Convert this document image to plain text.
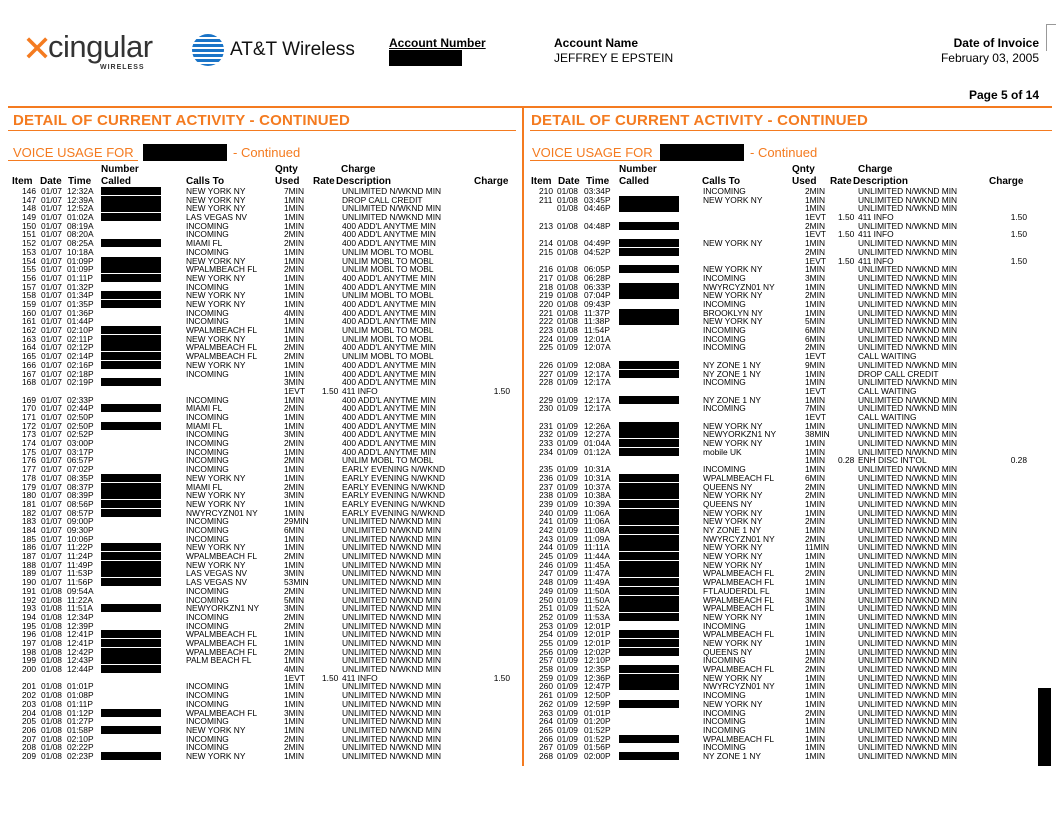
✕
cingular
WIRELESS
AT&T Wireless	Account Number	Account Name
JEFFREY E EPSTEIN
Date of Invoice
February 03, 2005
Page 5 of 14
DETAIL OF CURRENT ACTIVITY - CONTINUED
VOICE USAGE FOR	- Continued
Number	Qnty	Charge
Item Date Time Called	Calls To	Used Rate Description	Charge
146 01/07 12:32A	NEW YORK NY	7MIN	UNLIMITED N/WKND MIN
147 01/07 12:39A	NEW YORK NY	1MIN	DROP CALL CREDIT
148 01/07 12:52A	NEW YORK NY	1MIN	UNLIMITED N/WKND MIN
149 01/07 01:02A	LAS VEGAS NV	1MIN	UNLIMITED N/WKND MIN
150 01/07 08:19A	INCOMING	1MIN	400 ADD'L ANYTME MIN
151 01/07 08:20A	INCOMING	2MIN	400 ADD'L ANYTME MIN
152 01/07 08:25A	MIAMI FL	2MIN	400 ADD'L ANYTME MIN
153 01/07 10:18A	INCOMING	1MIN	UNLIM MOBL TO MOBL
154 01/07 01:09P	NEW YORK NY	1MIN	UNLIM MOBL TO MOBL
155 01/07 01:09P	WPALMBEACH FL	2MIN	UNLIM MOBL TO MOBL
156 01/07 01:11P	NEW YORK NY	1MIN	400 ADD'L ANYTME MIN
157 01/07 01:32P	INCOMING	1MIN	400 ADD'L ANYTME MIN
158 01/07 01:34P	NEW YORK NY	1MIN	UNLIM MOBL TO MOBL
159 01/07 01:35P	NEW YORK NY	1MIN	400 ADD'L ANYTME MIN
160 01/07 01:36P	INCOMING	4MIN	400 ADD'L ANYTME MIN
161 01/07 01:44P	INCOMING	1MIN	400 ADD'L ANYTME MIN
162 01/07 02:10P	WPALMBEACH FL	1MIN	UNLIM MOBL TO MOBL
163 01/07 02:11P	NEW YORK NY	1MIN	UNLIM MOBL TO MOBL
164 01/07 02:12P	WPALMBEACH FL	2MIN	400 ADD'L ANYTME MIN
165 01/07 02:14P	WPALMBEACH FL	2MIN	UNLIM MOBL TO MOBL
166 01/07 02:16P	NEW YORK NY	1MIN	400 ADD'L ANYTME MIN
167 01/07 02:18P	INCOMING	1MIN	400 ADD'L ANYTME MIN
168 01/07 02:19P	3MIN	400 ADD'L ANYTME MIN
1EVT 1.50 411 INFO	1.50
169 01/07 02:33P	INCOMING	1MIN	400 ADD'L ANYTME MIN
170 01/07 02:44P	MIAMI FL	2MIN	400 ADD'L ANYTME MIN
171 01/07 02:50P	INCOMING	1MIN	400 ADD'L ANYTME MIN
172 01/07 02:50P	MIAMI FL	1MIN	400 ADD'L ANYTME MIN
173 01/07 02:52P	INCOMING	3MIN	400 ADD'L ANYTME MIN
174 01/07 03:00P	INCOMING	2MIN	400 ADD'L ANYTME MIN
175 01/07 03:17P	INCOMING	1MIN	400 ADD'L ANYTME MIN
176 01/07 06:57P	INCOMING	2MIN	UNLIM MOBL TO MOBL
177 01/07 07:02P	INCOMING	1MIN	EARLY EVENING N/WKND
178 01/07 08:35P	NEW YORK NY	1MIN	EARLY EVENING N/WKND
179 01/07 08:37P	MIAMI FL	2MIN	EARLY EVENING N/WKND
180 01/07 08:39P	NEW YORK NY	3MIN	EARLY EVENING N/WKND
181 01/07 08:56P	NEW YORK NY	1MIN	EARLY EVENING N/WKND
182 01/07 08:57P	NWYRCYZN01 NY	1MIN	EARLY EVENING N/WKND
183 01/07 09:00P	INCOMING	29MIN	UNLIMITED N/WKND MIN
184 01/07 09:30P	INCOMING	6MIN	UNLIMITED N/WKND MIN
185 01/07 10:06P	INCOMING	1MIN	UNLIMITED N/WKND MIN
186 01/07 11:22P	NEW YORK NY	1MIN	UNLIMITED N/WKND MIN
187 01/07 11:24P	WPALMBEACH FL	2MIN	UNLIMITED N/WKND MIN
188 01/07 11:49P	NEW YORK NY	1MIN	UNLIMITED N/WKND MIN
189 01/07 11:53P	LAS VEGAS NV	3MIN	UNLIMITED N/WKND MIN
190 01/07 11:56P	LAS VEGAS NV	53MIN	UNLIMITED N/WKND MIN
191 01/08 09:54A	INCOMING	2MIN	UNLIMITED N/WKND MIN
192 01/08 11:22A	INCOMING	5MIN	UNLIMITED N/WKND MIN
193 01/08 11:51A	NEWYORKZN1 NY	3MIN	UNLIMITED N/WKND MIN
194 01/08 12:34P	INCOMING	2MIN	UNLIMITED N/WKND MIN
195 01/08 12:39P	INCOMING	2MIN	UNLIMITED N/WKND MIN
196 01/08 12:41P	WPALMBEACH FL	1MIN	UNLIMITED N/WKND MIN
197 01/08 12:41P	WPALMBEACH FL	1MIN	UNLIMITED N/WKND MIN
198 01/08 12:42P	WPALMBEACH FL	2MIN	UNLIMITED N/WKND MIN
199 01/08 12:43P	PALM BEACH FL	1MIN	UNLIMITED N/WKND MIN
200 01/08 12:44P	4MIN	UNLIMITED N/WKND MIN
1EVT 1.50 411 INFO	1.50
201 01/08 01:01P	INCOMING	1MIN	UNLIMITED N/WKND MIN
202 01/08 01:08P	INCOMING	1MIN	UNLIMITED N/WKND MIN
203 01/08 01:11P	INCOMING	1MIN	UNLIMITED N/WKND MIN
204 01/08 01:12P	WPALMBEACH FL	3MIN	UNLIMITED N/WKND MIN
205 01/08 01:27P	INCOMING	1MIN	UNLIMITED N/WKND MIN
206 01/08 01:58P	NEW YORK NY	1MIN	UNLIMITED N/WKND MIN
207 01/08 02:10P	INCOMING	2MIN	UNLIMITED N/WKND MIN
208 01/08 02:22P	INCOMING	2MIN	UNLIMITED N/WKND MIN
209 01/08 02:23P	NEW YORK NY	1MIN	UNLIMITED N/WKND MIN
DETAIL OF CURRENT ACTIVITY - CONTINUED
VOICE USAGE FOR	- Continued
Number	Qnty	Charge
Item Date Time Called	Calls To	Used Rate Description	Charge
210 01/08 03:34P	INCOMING	2MIN	UNLIMITED N/WKND MIN
211 01/08 03:45P	NEW YORK NY	1MIN	UNLIMITED N/WKND MIN
01/08 04:46P	1MIN	UNLIMITED N/WKND MIN
1EVT 1.50 411 INFO	1.50
213 01/08 04:48P	2MIN	UNLIMITED N/WKND MIN
1EVT 1.50 411 INFO	1.50
214 01/08 04:49P	NEW YORK NY	1MIN	UNLIMITED N/WKND MIN
215 01/08 04:52P	2MIN	UNLIMITED N/WKND MIN
1EVT 1.50 411 INFO	1.50
216 01/08 06:05P	NEW YORK NY	1MIN	UNLIMITED N/WKND MIN
217 01/08 06:28P	INCOMING	3MIN	UNLIMITED N/WKND MIN
218 01/08 06:33P	NWYRCYZN01 NY	1MIN	UNLIMITED N/WKND MIN
219 01/08 07:04P	NEW YORK NY	2MIN	UNLIMITED N/WKND MIN
220 01/08 09:43P	INCOMING	1MIN	UNLIMITED N/WKND MIN
221 01/08 11:37P	BROOKLYN NY	1MIN	UNLIMITED N/WKND MIN
222 01/08 11:38P	NEW YORK NY	5MIN	UNLIMITED N/WKND MIN
223 01/08 11:54P	INCOMING	6MIN	UNLIMITED N/WKND MIN
224 01/09 12:01A	INCOMING	6MIN	UNLIMITED N/WKND MIN
225 01/09 12:07A	INCOMING	2MIN	UNLIMITED N/WKND MIN
1EVT	CALL WAITING
226 01/09 12:08A	NY ZONE 1 NY	9MIN	UNLIMITED N/WKND MIN
227 01/09 12:17A	NY ZONE 1 NY	1MIN	DROP CALL CREDIT
228 01/09 12:17A	INCOMING	1MIN	UNLIMITED N/WKND MIN
1EVT	CALL WAITING
229 01/09 12:17A	NY ZONE 1 NY	1MIN	UNLIMITED N/WKND MIN
230 01/09 12:17A	INCOMING	7MIN	UNLIMITED N/WKND MIN
1EVT	CALL WAITING
231 01/09 12:26A	NEW YORK NY	1MIN	UNLIMITED N/WKND MIN
232 01/09 12:27A	NEWYORKZN1 NY	38MIN	UNLIMITED N/WKND MIN
233 01/09 01:04A	NEW YORK NY	1MIN	UNLIMITED N/WKND MIN
234 01/09 01:12A	mobile UK	1MIN	UNLIMITED N/WKND MIN
1MIN 0.28 ENH DISC INT'OL	0.28
235 01/09 10:31A	INCOMING	1MIN	UNLIMITED N/WKND MIN
236 01/09 10:31A	WPALMBEACH FL	6MIN	UNLIMITED N/WKND MIN
237 01/09 10:37A	QUEENS NY	2MIN	UNLIMITED N/WKND MIN
238 01/09 10:38A	NEW YORK NY	2MIN	UNLIMITED N/WKND MIN
239 01/09 10:39A	QUEENS NY	1MIN	UNLIMITED N/WKND MIN
240 01/09 11:06A	NEW YORK NY	1MIN	UNLIMITED N/WKND MIN
241 01/09 11:06A	NEW YORK NY	2MIN	UNLIMITED N/WKND MIN
242 01/09 11:08A	NY ZONE 1 NY	1MIN	UNLIMITED N/WKND MIN
243 01/09 11:09A	NWYRCYZN01 NY	2MIN	UNLIMITED N/WKND MIN
244 01/09 11:11A	NEW YORK NY	11MIN	UNLIMITED N/WKND MIN
245 01/09 11:44A	NEW YORK NY	1MIN	UNLIMITED N/WKND MIN
246 01/09 11:45A	NEW YORK NY	1MIN	UNLIMITED N/WKND MIN
247 01/09 11:47A	WPALMBEACH FL	2MIN	UNLIMITED N/WKND MIN
248 01/09 11:49A	WPALMBEACH FL	1MIN	UNLIMITED N/WKND MIN
249 01/09 11:50A	FTLAUDERDL FL	1MIN	UNLIMITED N/WKND MIN
250 01/09 11:50A	WPALMBEACH FL	3MIN	UNLIMITED N/WKND MIN
251 01/09 11:52A	WPALMBEACH FL	1MIN	UNLIMITED N/WKND MIN
252 01/09 11:53A	NEW YORK NY	1MIN	UNLIMITED N/WKND MIN
253 01/09 12:01P	INCOMING	1MIN	UNLIMITED N/WKND MIN
254 01/09 12:01P	WPALMBEACH FL	1MIN	UNLIMITED N/WKND MIN
255 01/09 12:01P	NEW YORK NY	1MIN	UNLIMITED N/WKND MIN
256 01/09 12:02P	QUEENS NY	1MIN	UNLIMITED N/WKND MIN
257 01/09 12:10P	INCOMING	2MIN	UNLIMITED N/WKND MIN
258 01/09 12:35P	WPALMBEACH FL	2MIN	UNLIMITED N/WKND MIN
259 01/09 12:36P	NEW YORK NY	1MIN	UNLIMITED N/WKND MIN
260 01/09 12:47P	NWYRCYZN01 NY	1MIN	UNLIMITED N/WKND MIN
261 01/09 12:50P	INCOMING	1MIN	UNLIMITED N/WKND MIN
262 01/09 12:59P	NEW YORK NY	1MIN	UNLIMITED N/WKND MIN
263 01/09 01:01P	INCOMING	2MIN	UNLIMITED N/WKND MIN
264 01/09 01:20P	INCOMING	1MIN	UNLIMITED N/WKND MIN
265 01/09 01:52P	INCOMING	1MIN	UNLIMITED N/WKND MIN
266 01/09 01:52P	WPALMBEACH FL	1MIN	UNLIMITED N/WKND MIN
267 01/09 01:56P	INCOMING	1MIN	UNLIMITED N/WKND MIN
268 01/09 02:00P	NY ZONE 1 NY	1MIN	UNLIMITED N/WKND MIN
